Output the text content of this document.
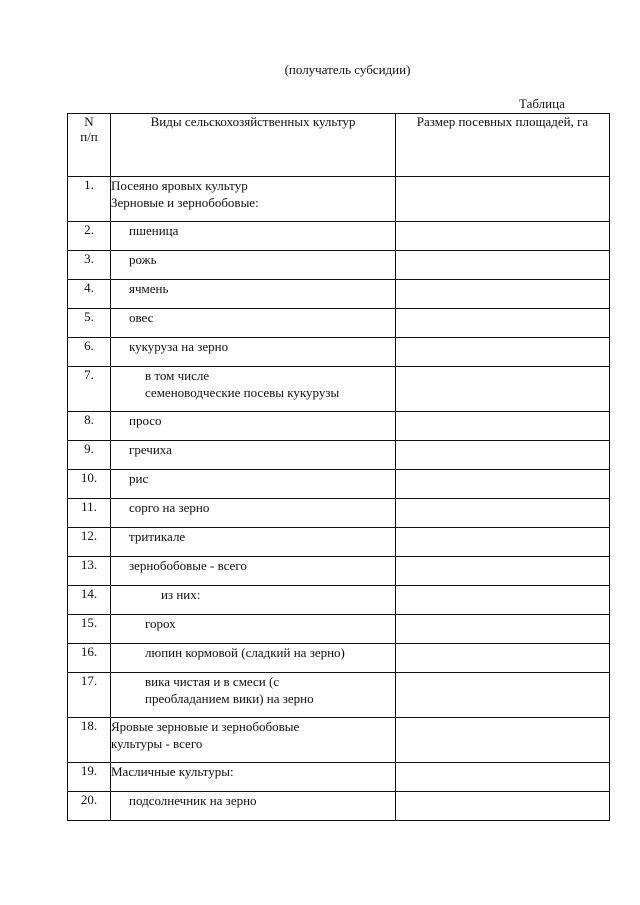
(получатель субсидии)
Таблица
N
п/п	Виды сельскохозяйственных культур	Размер посевных площадей, га
1.	Посеяно яровых культур
Зерновые и зернобобовые:	
2.	пшеница	
3.	рожь	
4.	ячмень	
5.	овес	
6.	кукуруза на зерно	
7.	в том числе
семеноводческие посевы кукурузы	
8.	просо	
9.	гречиха	
10.	рис	
11.	сорго на зерно	
12.	тритикале	
13.	зернобобовые - всего	
14.	из них:	
15.	горох	
16.	люпин кормовой (сладкий на зерно)	
17.	вика чистая и в смеси (с
преобладанием вики) на зерно	
18.	Яровые зерновые и зернобобовые
культуры - всего	
19.	Масличные культуры:	
20.	подсолнечник на зерно	
